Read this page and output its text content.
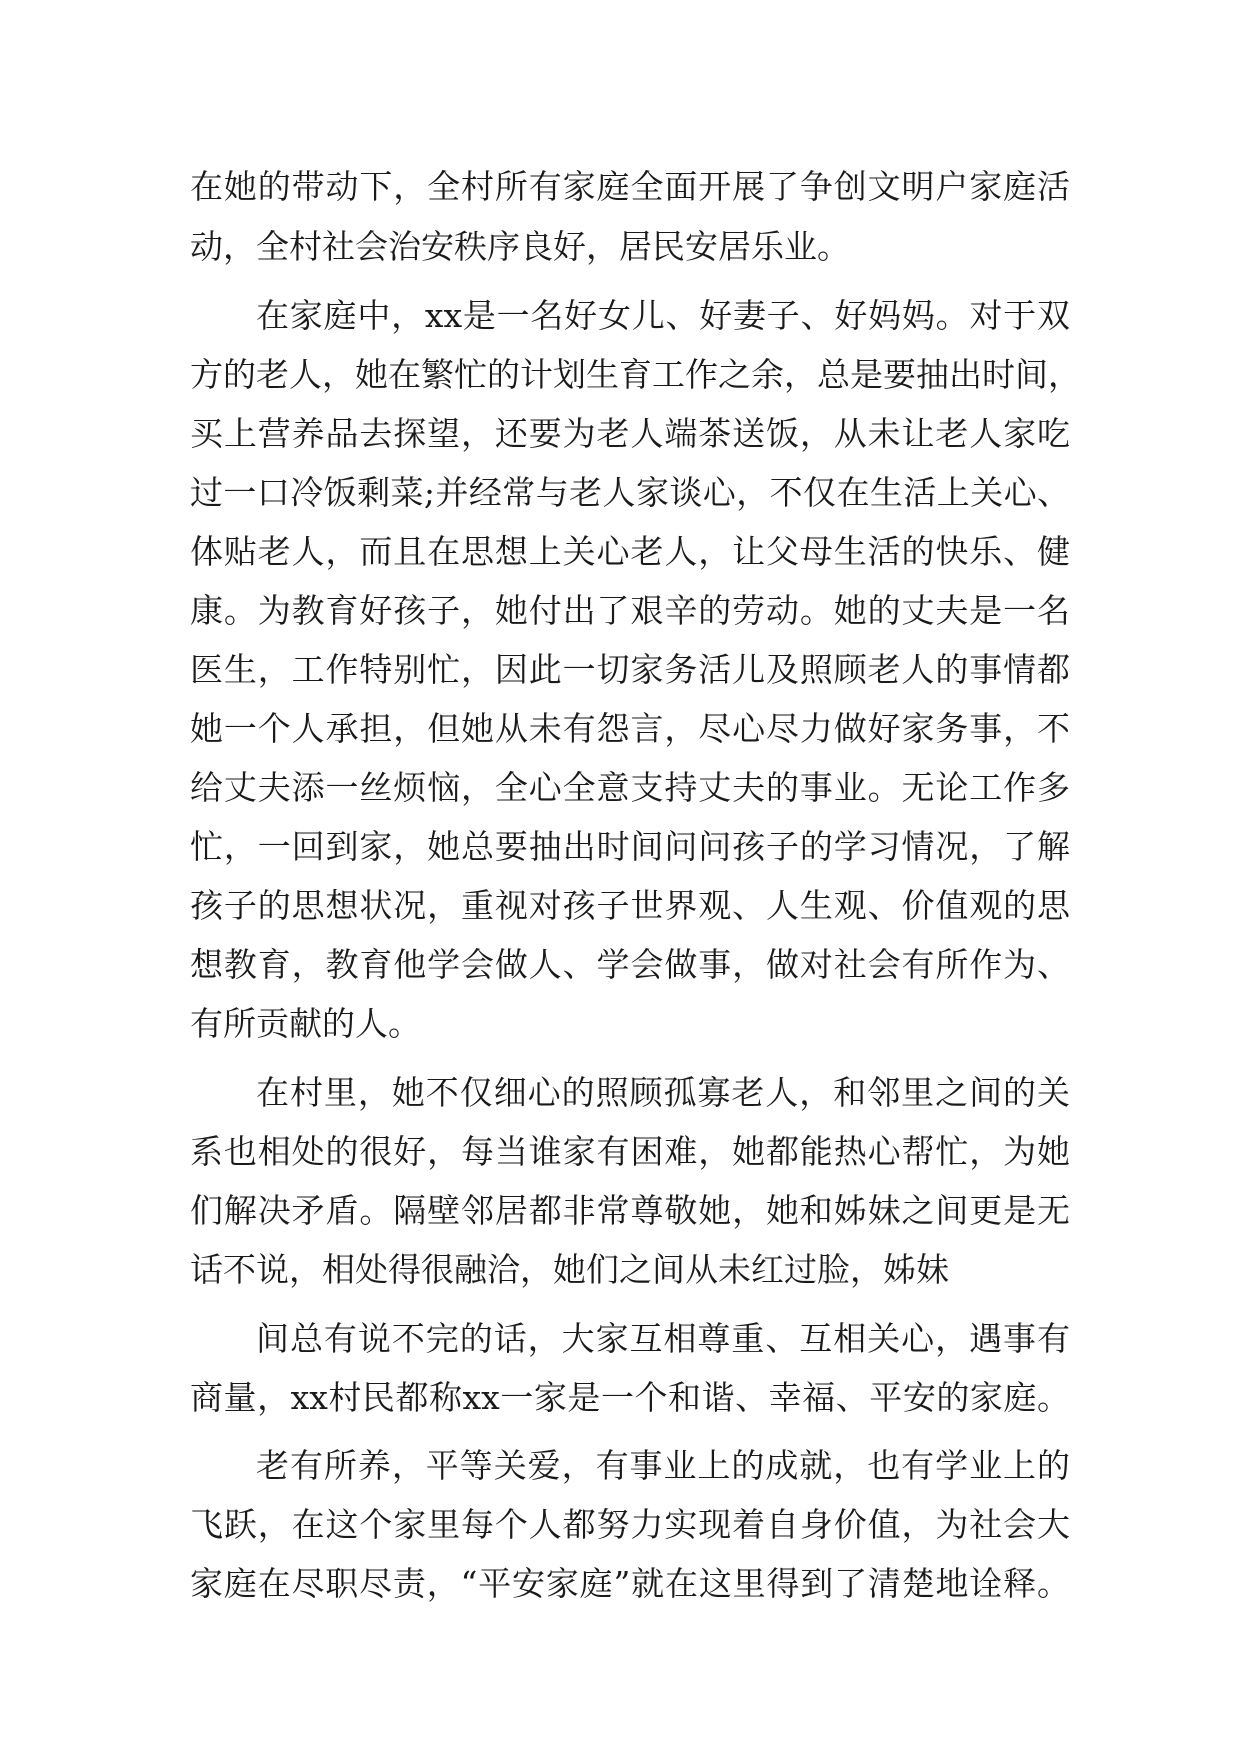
在她的带动下，全村所有家庭全面开展了争创文明户家庭活
动，全村社会治安秩序良好，居民安居乐业。
在家庭中，xx是一名好女儿、好妻子、好妈妈。对于双
方的老人，她在繁忙的计划生育工作之余，总是要抽出时间，
买上营养品去探望，还要为老人端茶送饭，从未让老人家吃
过一口冷饭剩菜;并经常与老人家谈心，不仅在生活上关心、
体贴老人，而且在思想上关心老人，让父母生活的快乐、健
康。为教育好孩子，她付出了艰辛的劳动。她的丈夫是一名
医生，工作特别忙，因此一切家务活儿及照顾老人的事情都
她一个人承担，但她从未有怨言，尽心尽力做好家务事，不
给丈夫添一丝烦恼，全心全意支持丈夫的事业。无论工作多
忙，一回到家，她总要抽出时间问问孩子的学习情况，了解
孩子的思想状况，重视对孩子世界观、人生观、价值观的思
想教育，教育他学会做人、学会做事，做对社会有所作为、
有所贡献的人。
在村里，她不仅细心的照顾孤寡老人，和邻里之间的关
系也相处的很好，每当谁家有困难，她都能热心帮忙，为她
们解决矛盾。隔壁邻居都非常尊敬她，她和姊妹之间更是无
话不说，相处得很融洽，她们之间从未红过脸，姊妹
间总有说不完的话，大家互相尊重、互相关心，遇事有
商量，xx村民都称xx一家是一个和谐、幸福、平安的家庭。
老有所养，平等关爱，有事业上的成就，也有学业上的
飞跃，在这个家里每个人都努力实现着自身价值，为社会大
家庭在尽职尽责，“平安家庭”就在这里得到了清楚地诠释。
